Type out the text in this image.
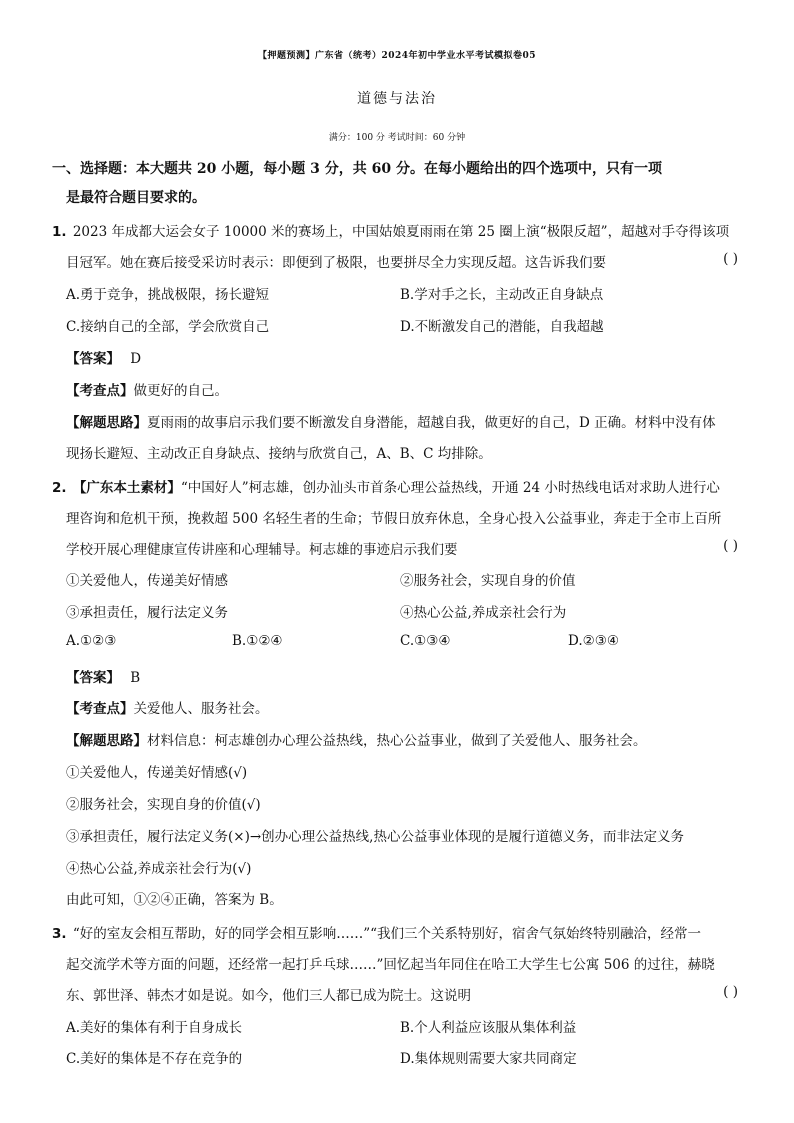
【押题预测】广东省（统考）2024年初中学业水平考试模拟卷05
道德与法治
满分：100 分 考试时间：60 分钟
一、选择题：本大题共 20 小题，每小题 3 分，共 60 分。在每小题给出的四个选项中，只有一项
是最符合题目要求的。
1. 2023 年成都大运会女子 10000 米的赛场上，中国姑娘夏雨雨在第 25 圈上演“极限反超”，超越对手夺得该项
目冠军。她在赛后接受采访时表示：即便到了极限，也要拼尽全力实现反超。这告诉我们要	( )
A.勇于竞争，挑战极限，扬长避短	B.学对手之长，主动改正自身缺点
C.接纳自己的全部，学会欣赏自己	D.不断激发自己的潜能，自我超越
【答案】 D
【考查点】做更好的自己。
【解题思路】夏雨雨的故事启示我们要不断激发自身潜能，超越自我，做更好的自己，D 正确。材料中没有体
现扬长避短、主动改正自身缺点、接纳与欣赏自己，A、B、C 均排除。
2. 【广东本土素材】“中国好人”柯志雄，创办汕头市首条心理公益热线，开通 24 小时热线电话对求助人进行心
理咨询和危机干预，挽救超 500 名轻生者的生命；节假日放弃休息，全身心投入公益事业，奔走于全市上百所
学校开展心理健康宣传讲座和心理辅导。柯志雄的事迹启示我们要	( )
①关爱他人，传递美好情感	②服务社会，实现自身的价值
③承担责任，履行法定义务	④热心公益,养成亲社会行为
A.①②③	B.①②④	C.①③④	D.②③④
【答案】 B
【考查点】关爱他人、服务社会。
【解题思路】材料信息：柯志雄创办心理公益热线，热心公益事业，做到了关爱他人、服务社会。
①关爱他人，传递美好情感(√)
②服务社会，实现自身的价值(√)
③承担责任，履行法定义务(×)→创办心理公益热线,热心公益事业体现的是履行道德义务，而非法定义务
④热心公益,养成亲社会行为(√)
由此可知，①②④正确，答案为 B。
3. “好的室友会相互帮助，好的同学会相互影响……”“我们三个关系特别好，宿舍气氛始终特别融洽，经常一
起交流学术等方面的问题，还经常一起打乒乓球……”回忆起当年同住在哈工大学生七公寓 506 的过往，赫晓
东、郭世泽、韩杰才如是说。如今，他们三人都已成为院士。这说明	( )
A.美好的集体有利于自身成长	B.个人利益应该服从集体利益
C.美好的集体是不存在竞争的	D.集体规则需要大家共同商定
